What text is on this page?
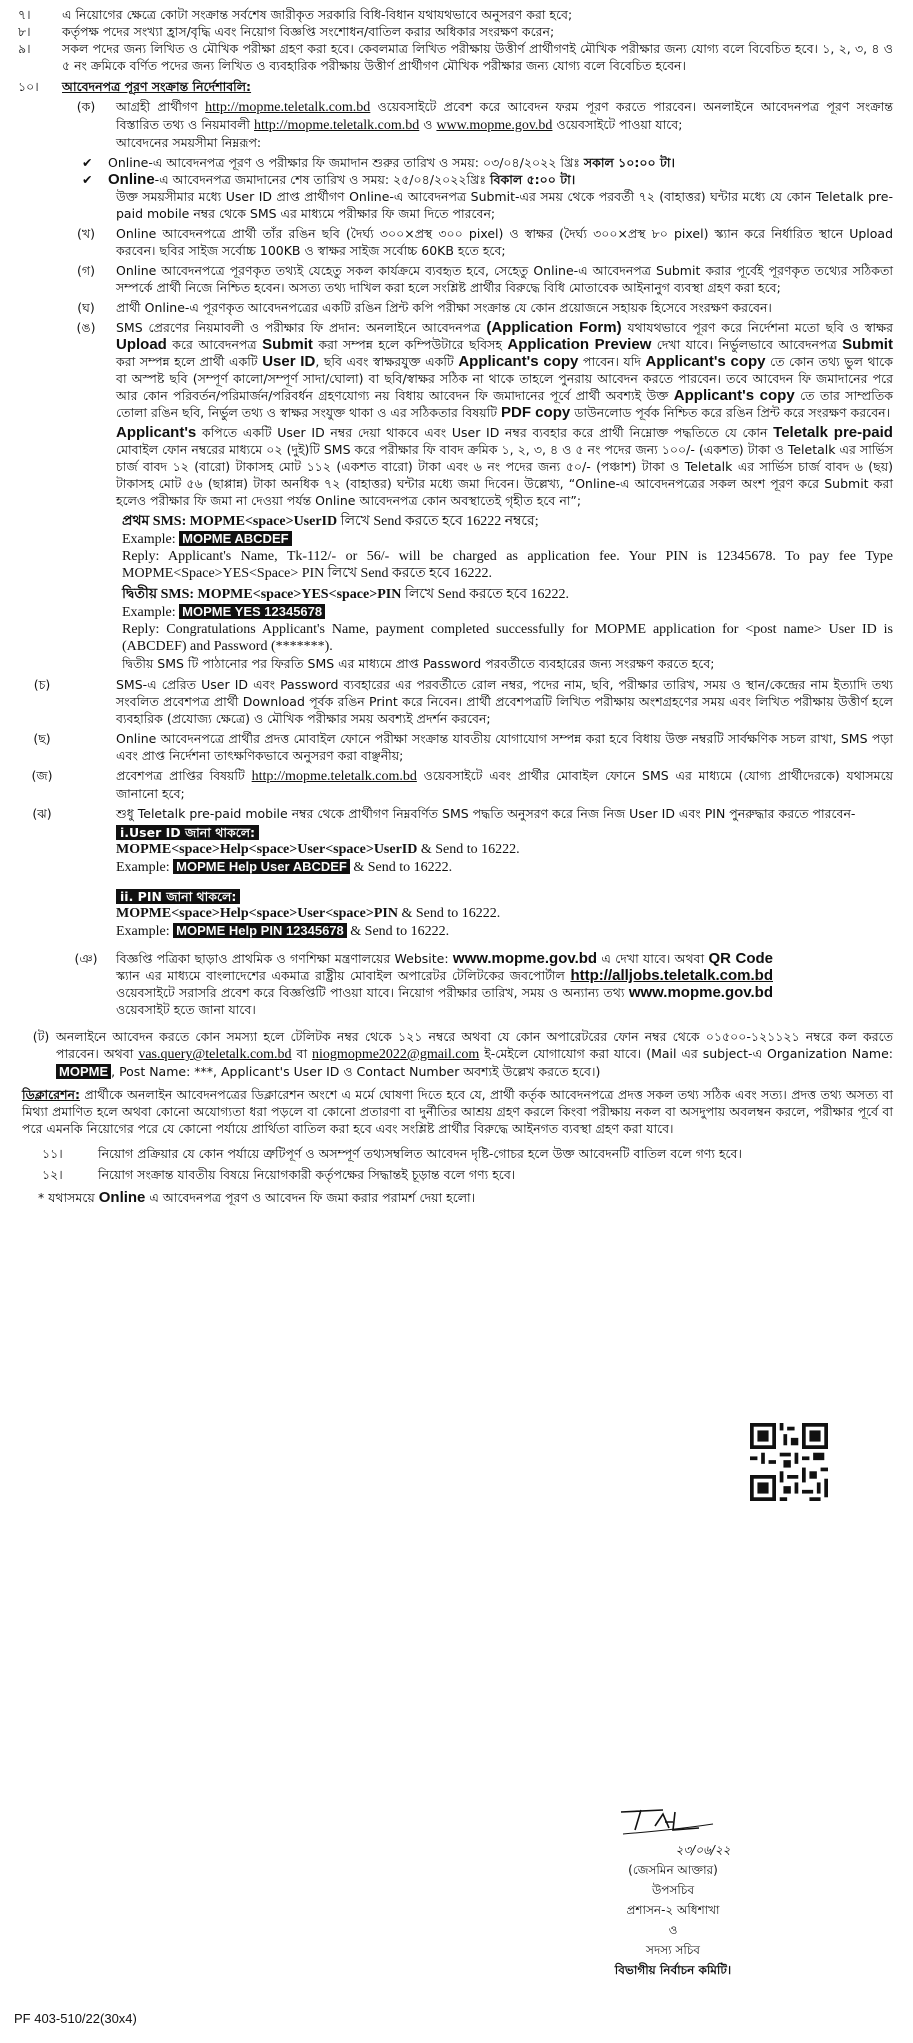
৭।	এ নিয়োগের ক্ষেত্রে কোটা সংক্রান্ত সর্বশেষ জারীকৃত সরকারি বিধি-বিধান যথাযথভাবে অনুসরণ করা হবে;
৮।	কর্তৃপক্ষ পদের সংখ্যা হ্রাস/বৃদ্ধি এবং নিয়োগ বিজ্ঞপ্তি সংশোধন/বাতিল করার অধিকার সংরক্ষণ করেন;
৯।	সকল পদের জন্য লিখিত ও মৌখিক পরীক্ষা গ্রহণ করা হবে। কেবলমাত্র লিখিত পরীক্ষায় উত্তীর্ণ প্রার্থীগণই মৌখিক পরীক্ষার জন্য যোগ্য বলে বিবেচিত হবে। ১, ২, ৩, ৪ ও ৫ নং ক্রমিকে বর্ণিত পদের জন্য লিখিত ও ব্যবহারিক পরীক্ষায় উত্তীর্ণ প্রার্থীগণ মৌখিক পরীক্ষার জন্য যোগ্য বলে বিবেচিত হবেন।
১০।	আবেদনপত্র পূরণ সংক্রান্ত নির্দেশাবলি:
(ক)	আগ্রহী প্রার্থীগণ http://mopme.teletalk.com.bd ওয়েবসাইটে প্রবেশ করে আবেদন ফরম পূরণ করতে পারবেন। অনলাইনে আবেদনপত্র পূরণ সংক্রান্ত বিস্তারিত তথ্য ও নিয়মাবলী http://mopme.teletalk.com.bd ও www.mopme.gov.bd ওয়েবসাইটে পাওয়া যাবে;
আবেদনের সময়সীমা নিম্নরূপ:
✔	Online-এ আবেদনপত্র পূরণ ও পরীক্ষার ফি জমাদান শুরুর তারিখ ও সময়: ০৩/০৪/২০২২ খ্রিঃ সকাল ১০:০০ টা।
✔	Online-এ আবেদনপত্র জমাদানের শেষ তারিখ ও সময়: ২৫/০৪/২০২২খ্রিঃ বিকাল ৫:০০ টা।
উক্ত সময়সীমার মধ্যে User ID প্রাপ্ত প্রার্থীগণ Online-এ আবেদনপত্র Submit-এর সময় থেকে পরবর্তী ৭২ (বাহাত্তর) ঘন্টার মধ্যে যে কোন Teletalk pre-paid mobile নম্বর থেকে SMS এর মাধ্যমে পরীক্ষার ফি জমা দিতে পারবেন;
(খ)	Online আবেদনপত্রে প্রার্থী তাঁর রঙিন ছবি (দৈর্ঘ্য ৩০০×প্রস্থ ৩০০ pixel) ও স্বাক্ষর (দৈর্ঘ্য ৩০০×প্রস্থ ৮০ pixel) স্ক্যান করে নির্ধারিত স্থানে Upload করবেন। ছবির সাইজ সর্বোচ্চ 100KB ও স্বাক্ষর সাইজ সর্বোচ্চ 60KB হতে হবে;
(গ)	Online আবেদনপত্রে পূরণকৃত তথ্যই যেহেতু সকল কার্যক্রমে ব্যবহৃত হবে, সেহেতু Online-এ আবেদনপত্র Submit করার পূর্বেই পূরণকৃত তথ্যের সঠিকতা সম্পর্কে প্রার্থী নিজে নিশ্চিত হবেন। অসত্য তথ্য দাখিল করা হলে সংশ্লিষ্ট প্রার্থীর বিরুদ্ধে বিধি মোতাবেক আইনানুগ ব্যবস্থা গ্রহণ করা হবে;
(ঘ)	প্রার্থী Online-এ পূরণকৃত আবেদনপত্রের একটি রঙিন প্রিন্ট কপি পরীক্ষা সংক্রান্ত যে কোন প্রয়োজনে সহায়ক হিসেবে সংরক্ষণ করবেন।
(ঙ)	SMS প্রেরণের নিয়মাবলী ও পরীক্ষার ফি প্রদান: অনলাইনে আবেদনপত্র (Application Form) যথাযথভাবে পূরণ করে নির্দেশনা মতো ছবি ও স্বাক্ষর Upload করে আবেদনপত্র Submit করা সম্পন্ন হলে কম্পিউটারে ছবিসহ Application Preview দেখা যাবে। নির্ভুলভাবে আবেদনপত্র Submit করা সম্পন্ন হলে প্রার্থী একটি User ID, ছবি এবং স্বাক্ষরযুক্ত একটি Applicant's copy পাবেন। যদি Applicant's copy তে কোন তথ্য ভুল থাকে বা অস্পষ্ট ছবি (সম্পূর্ণ কালো/সম্পূর্ণ সাদা/ঘোলা) বা ছবি/স্বাক্ষর সঠিক না থাকে তাহলে পুনরায় আবেদন করতে পারবেন। তবে আবেদন ফি জমাদানের পরে আর কোন পরিবর্তন/পরিমার্জন/পরিবর্ধন গ্রহণযোগ্য নয় বিধায় আবেদন ফি জমাদানের পূর্বে প্রার্থী অবশ্যই উক্ত Applicant's copy তে তার সাম্প্রতিক তোলা রঙিন ছবি, নির্ভুল তথ্য ও স্বাক্ষর সংযুক্ত থাকা ও এর সঠিকতার বিষয়টি PDF copy ডাউনলোড পূর্বক নিশ্চিত করে রঙিন প্রিন্ট করে সংরক্ষণ করবেন।
Applicant's কপিতে একটি User ID নম্বর দেয়া থাকবে এবং User ID নম্বর ব্যবহার করে প্রার্থী নিম্নোক্ত পদ্ধতিতে যে কোন Teletalk pre-paid মোবাইল ফোন নম্বরের মাধ্যমে ০২ (দুই)টি SMS করে পরীক্ষার ফি বাবদ ক্রমিক ১, ২, ৩, ৪ ও ৫ নং পদের জন্য ১০০/- (একশত) টাকা ও Teletalk এর সার্ভিস চার্জ বাবদ ১২ (বারো) টাকাসহ মোট ১১২ (একশত বারো) টাকা এবং ৬ নং পদের জন্য ৫০/- (পঞ্চাশ) টাকা ও Teletalk এর সার্ভিস চার্জ বাবদ ৬ (ছয়) টাকাসহ মোট ৫৬ (ছাপ্পান্ন) টাকা অনধিক ৭২ (বাহাত্তর) ঘন্টার মধ্যে জমা দিবেন। উল্লেখ্য, “Online-এ আবেদনপত্রের সকল অংশ পূরণ করে Submit করা হলেও পরীক্ষার ফি জমা না দেওয়া পর্যন্ত Online আবেদনপত্র কোন অবস্থাতেই গৃহীত হবে না”;
প্রথম SMS: MOPME<space>UserID লিখে Send করতে হবে 16222 নম্বরে;
Example: MOPME ABCDEF
Reply: Applicant's Name, Tk-112/- or 56/- will be charged as application fee. Your PIN is 12345678. To pay fee Type MOPME<Space>YES<Space> PIN লিখে Send করতে হবে 16222.
দ্বিতীয় SMS: MOPME<space>YES<space>PIN লিখে Send করতে হবে 16222.
Example: MOPME YES 12345678
Reply: Congratulations Applicant's Name, payment completed successfully for MOPME application for <post name> User ID is (ABCDEF) and Password (*******).
দ্বিতীয় SMS টি পাঠানোর পর ফিরতি SMS এর মাধ্যমে প্রাপ্ত Password পরবর্তীতে ব্যবহারের জন্য সংরক্ষণ করতে হবে;
(চ)	SMS-এ প্রেরিত User ID এবং Password ব্যবহারের এর পরবর্তীতে রোল নম্বর, পদের নাম, ছবি, পরীক্ষার তারিখ, সময় ও স্থান/কেন্দ্রের নাম ইত্যাদি তথ্য সংবলিত প্রবেশপত্র প্রার্থী Download পূর্বক রঙিন Print করে নিবেন। প্রার্থী প্রবেশপত্রটি লিখিত পরীক্ষায় অংশগ্রহণের সময় এবং লিখিত পরীক্ষায় উত্তীর্ণ হলে ব্যবহারিক (প্রযোজ্য ক্ষেত্রে) ও মৌখিক পরীক্ষার সময় অবশ্যই প্রদর্শন করবেন;
(ছ)	Online আবেদনপত্রে প্রার্থীর প্রদত্ত মোবাইল ফোনে পরীক্ষা সংক্রান্ত যাবতীয় যোগাযোগ সম্পন্ন করা হবে বিধায় উক্ত নম্বরটি সার্বক্ষণিক সচল রাখা, SMS পড়া এবং প্রাপ্ত নির্দেশনা তাৎক্ষণিকভাবে অনুসরণ করা বাঞ্ছনীয়;
(জ)	প্রবেশপত্র প্রাপ্তির বিষয়টি http://mopme.teletalk.com.bd ওয়েবসাইটে এবং প্রার্থীর মোবাইল ফোনে SMS এর মাধ্যমে (যোগ্য প্রার্থীদেরকে) যথাসময়ে জানানো হবে;
(ঝ)	শুধু Teletalk pre-paid mobile নম্বর থেকে প্রার্থীগণ নিম্নবর্ণিত SMS পদ্ধতি অনুসরণ করে নিজ নিজ User ID এবং PIN পুনরুদ্ধার করতে পারবেন-
i.User ID জানা থাকলে:
MOPME<space>Help<space>User<space>UserID & Send to 16222.
Example: MOPME Help User ABCDEF & Send to 16222.
ii. PIN জানা থাকলে:
MOPME<space>Help<space>User<space>PIN & Send to 16222.
Example: MOPME Help PIN 12345678 & Send to 16222.
(ঞ)	বিজ্ঞপ্তি পত্রিকা ছাড়াও প্রাথমিক ও গণশিক্ষা মন্ত্রণালয়ের Website: www.mopme.gov.bd এ দেখা যাবে। অথবা QR Code স্ক্যান এর মাধ্যমে বাংলাদেশের একমাত্র রাষ্ট্রীয় মোবাইল অপারেটর টেলিটকের জবপোর্টাল http://alljobs.teletalk.com.bd ওয়েবসাইটে সরাসরি প্রবেশ করে বিজ্ঞপ্তিটি পাওয়া যাবে। নিয়োগ পরীক্ষার তারিখ, সময় ও অন্যান্য তথ্য www.mopme.gov.bd ওয়েবসাইট হতে জানা যাবে।
(ট) অনলাইনে আবেদন করতে কোন সমস্যা হলে টেলিটক নম্বর থেকে ১২১ নম্বরে অথবা যে কোন অপারেটরের ফোন নম্বর থেকে ০১৫০০-১২১১২১ নম্বরে কল করতে পারবেন। অথবা vas.query@teletalk.com.bd বা niogmopme2022@gmail.com ই-মেইলে যোগাযোগ করা যাবে। (Mail এর subject-এ Organization Name: MOPME , Post Name: ***, Applicant's User ID ও Contact Number অবশ্যই উল্লেখ করতে হবে।)
ডিক্লারেশন: প্রার্থীকে অনলাইন আবেদনপত্রের ডিক্লারেশন অংশে এ মর্মে ঘোষণা দিতে হবে যে, প্রার্থী কর্তৃক আবেদনপত্রে প্রদত্ত সকল তথ্য সঠিক এবং সত্য। প্রদত্ত তথ্য অসত্য বা মিথ্যা প্রমাণিত হলে অথবা কোনো অযোগ্যতা ধরা পড়লে বা কোনো প্রতারণা বা দুর্নীতির আশ্রয় গ্রহণ করলে কিংবা পরীক্ষায় নকল বা অসদুপায় অবলম্বন করলে, পরীক্ষার পূর্বে বা পরে এমনকি নিয়োগের পরে যে কোনো পর্যায়ে প্রার্থিতা বাতিল করা হবে এবং সংশ্লিষ্ট প্রার্থীর বিরুদ্ধে আইনগত ব্যবস্থা গ্রহণ করা যাবে।
১১।	নিয়োগ প্রক্রিয়ার যে কোন পর্যায়ে ত্রুটিপূর্ণ ও অসম্পূর্ণ তথ্যসম্বলিত আবেদন দৃষ্টি-গোচর হলে উক্ত আবেদনটি বাতিল বলে গণ্য হবে।
১২।	নিয়োগ সংক্রান্ত যাবতীয় বিষয়ে নিয়োগকারী কর্তৃপক্ষের সিদ্ধান্তই চূড়ান্ত বলে গণ্য হবে।
* যথাসময়ে Online এ আবেদনপত্র পূরণ ও আবেদন ফি জমা করার পরামর্শ দেয়া হলো।
২৩/০৬/২২
(জেসমিন আক্তার)
উপসচিব
প্রশাসন-২ অধিশাখা
ও
সদস্য সচিব
বিভাগীয় নির্বাচন কমিটি।
PF 403-510/22(30x4)
